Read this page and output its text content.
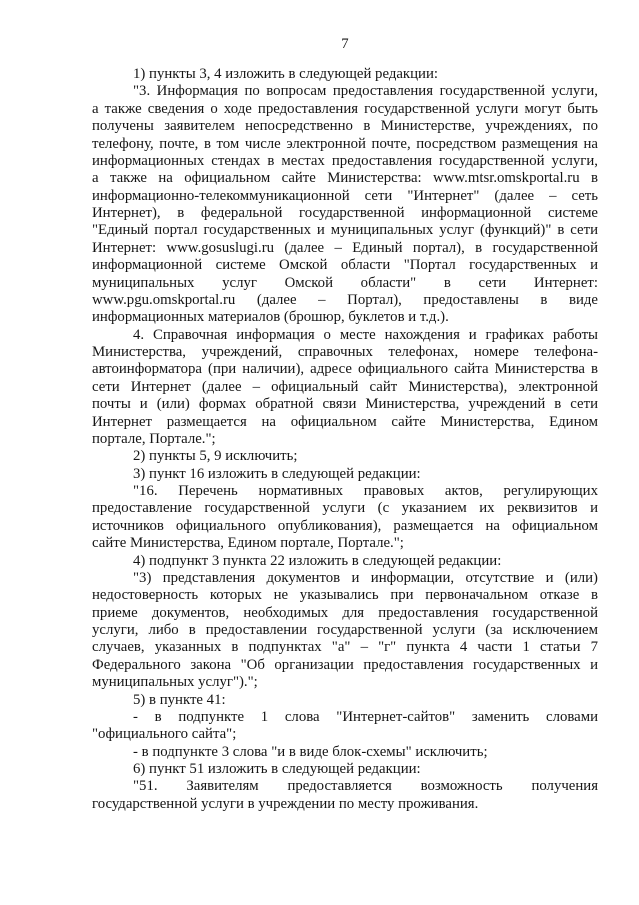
7
1) пункты 3, 4 изложить в следующей редакции:
"3. Информация по вопросам предоставления государственной услуги,
а также сведения о ходе предоставления государственной услуги могут быть
получены заявителем непосредственно в Министерстве, учреждениях, по
телефону, почте, в том числе электронной почте, посредством размещения на
информационных стендах в местах предоставления государственной услуги,
а также на официальном сайте Министерства: www.mtsr.omskportal.ru в
информационно-телекоммуникационной сети "Интернет" (далее – сеть
Интернет), в федеральной государственной информационной системе
"Единый портал государственных и муниципальных услуг (функций)" в сети
Интернет: www.gosuslugi.ru (далее – Единый портал), в государственной
информационной системе Омской области "Портал государственных и
муниципальных услуг Омской области" в сети Интернет:
www.pgu.omskportal.ru (далее – Портал), предоставлены в виде
информационных материалов (брошюр, буклетов и т.д.).
4. Справочная информация о месте нахождения и графиках работы
Министерства, учреждений, справочных телефонах, номере телефона-
автоинформатора (при наличии), адресе официального сайта Министерства в
сети Интернет (далее – официальный сайт Министерства), электронной
почты и (или) формах обратной связи Министерства, учреждений в сети
Интернет размещается на официальном сайте Министерства, Едином
портале, Портале.";
2) пункты 5, 9 исключить;
3) пункт 16 изложить в следующей редакции:
"16. Перечень нормативных правовых актов, регулирующих
предоставление государственной услуги (с указанием их реквизитов и
источников официального опубликования), размещается на официальном
сайте Министерства, Едином портале, Портале.";
4) подпункт 3 пункта 22 изложить в следующей редакции:
"3) представления документов и информации, отсутствие и (или)
недостоверность которых не указывались при первоначальном отказе в
приеме документов, необходимых для предоставления государственной
услуги, либо в предоставлении государственной услуги (за исключением
случаев, указанных в подпунктах "а" – "г" пункта 4 части 1 статьи 7
Федерального закона "Об организации предоставления государственных и
муниципальных услуг").";
5) в пункте 41:
- в подпункте 1 слова "Интернет-сайтов" заменить словами
"официального сайта";
- в подпункте 3 слова "и в виде блок-схемы" исключить;
6) пункт 51 изложить в следующей редакции:
"51. Заявителям предоставляется возможность получения
государственной услуги в учреждении по месту проживания.
